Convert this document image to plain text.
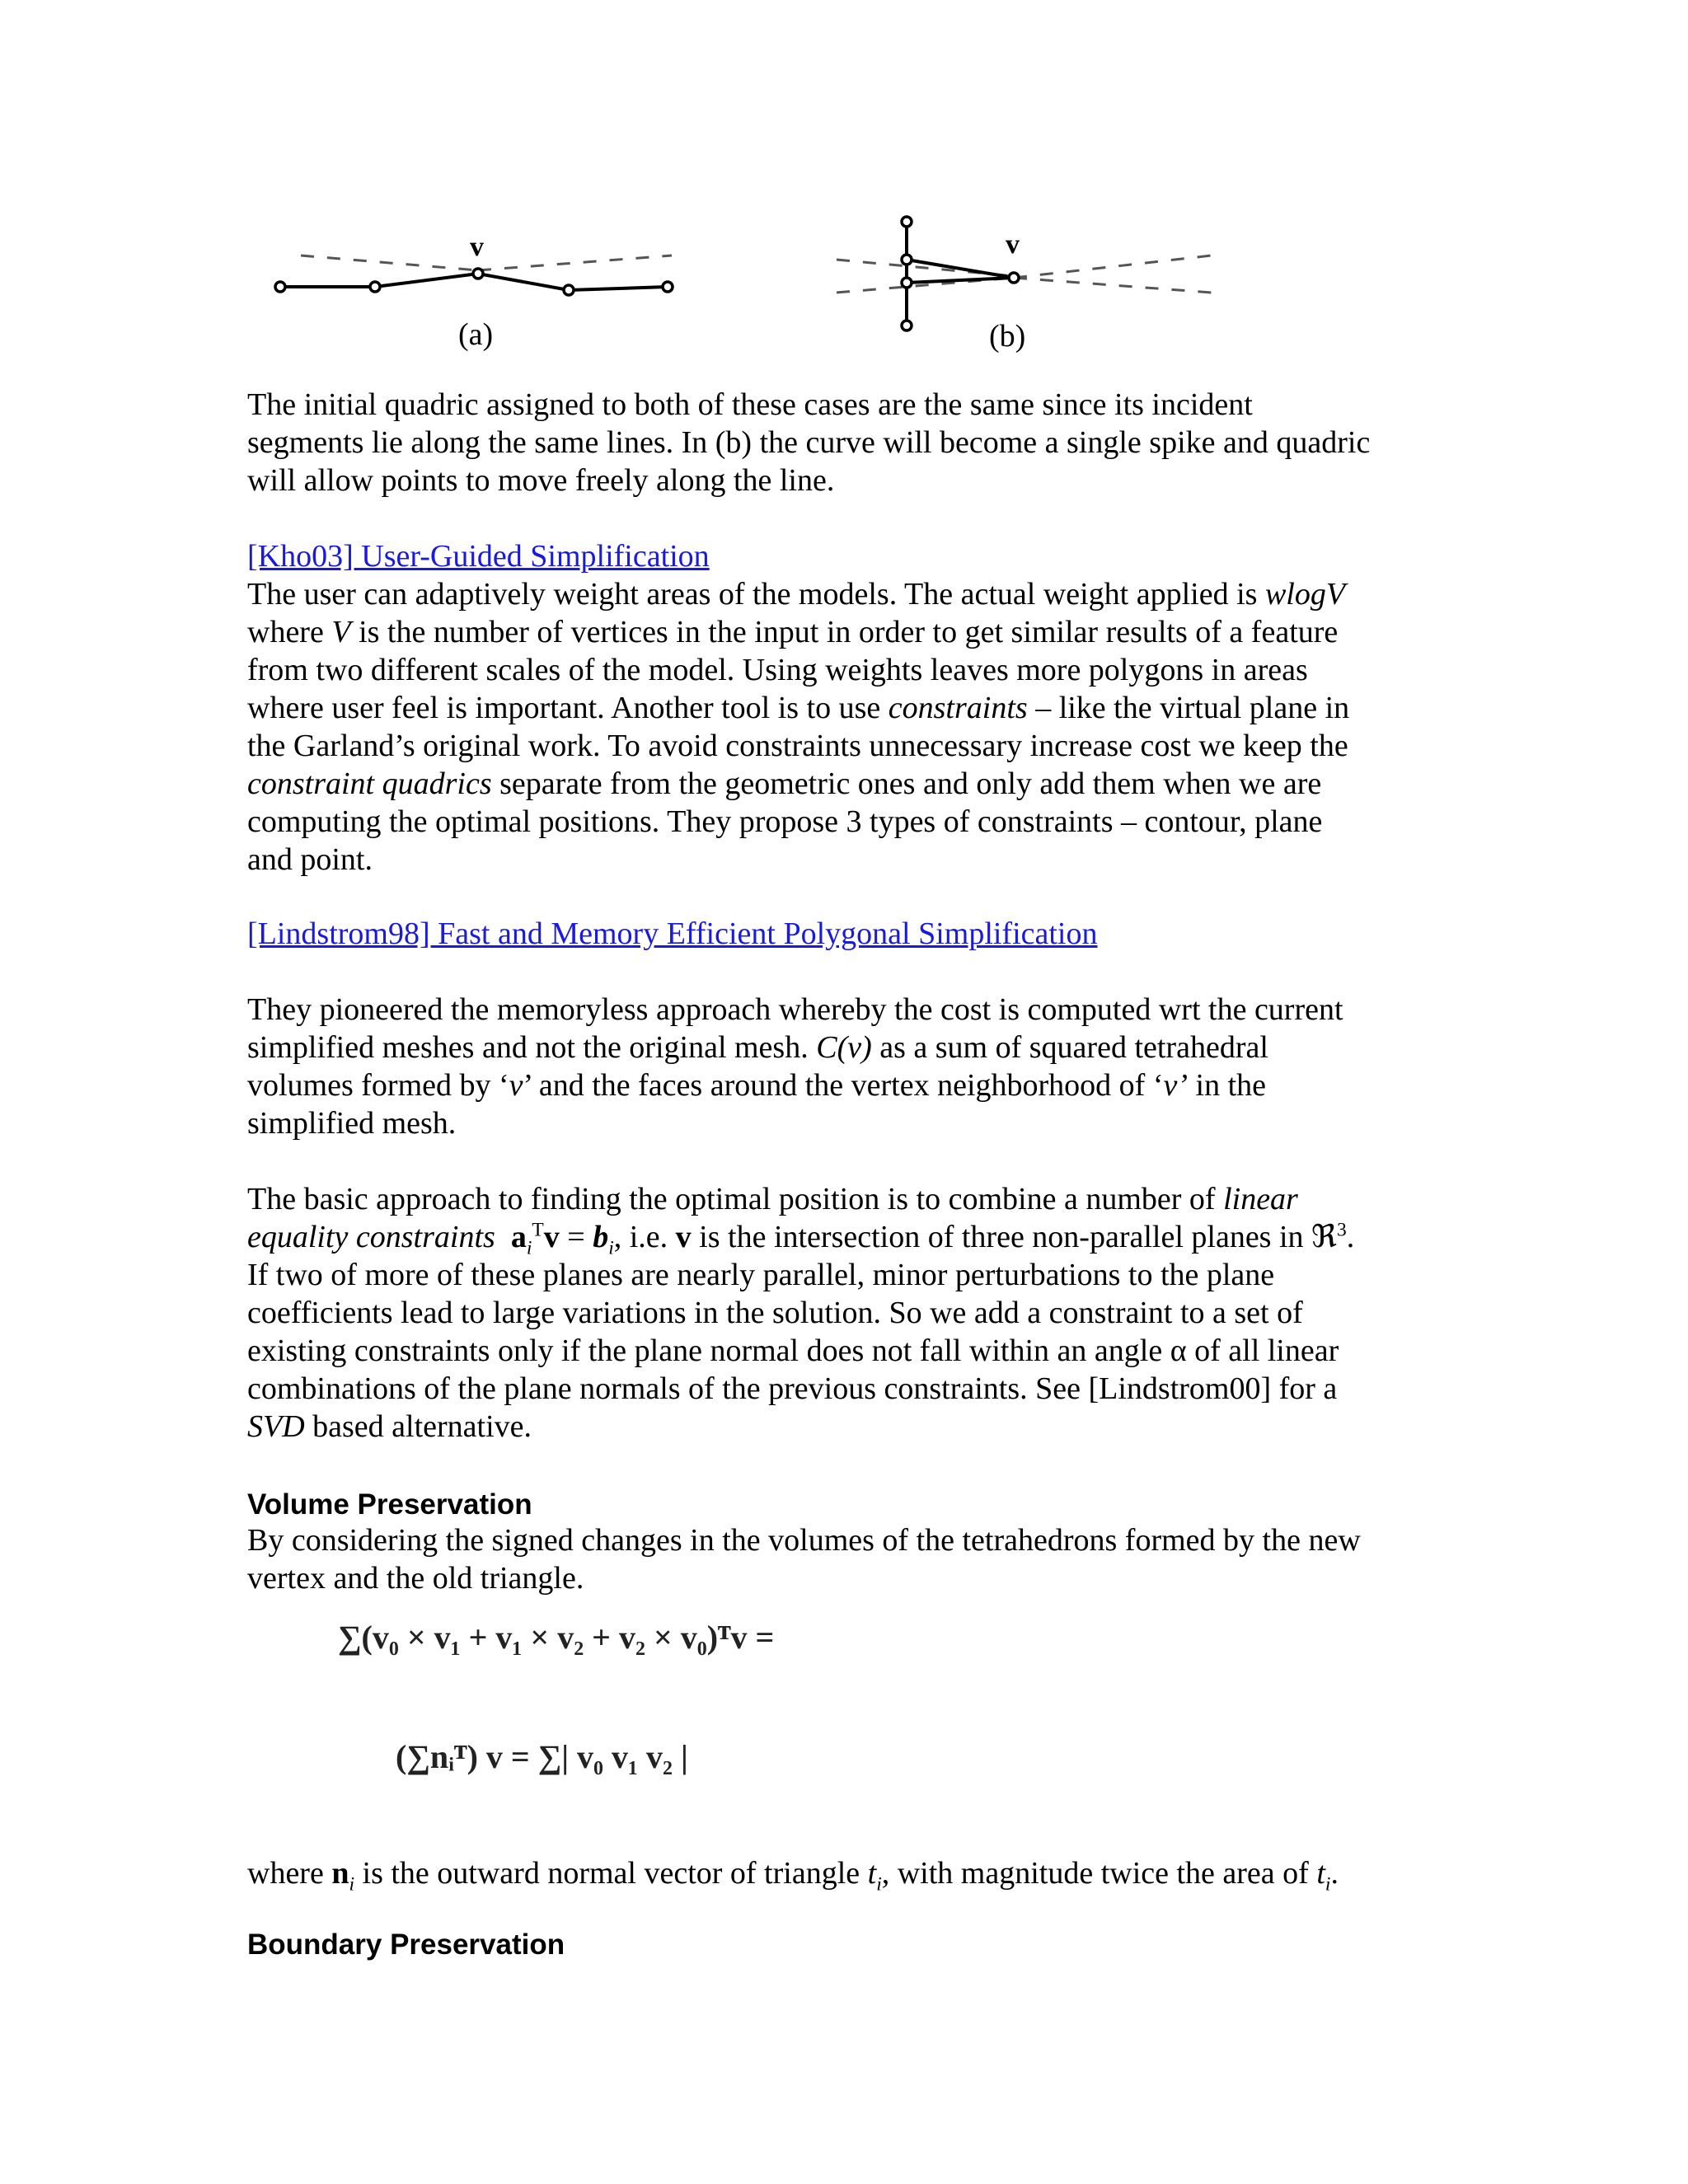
v
(a)
v
(b)
The initial quadric assigned to both of these cases are the same since its incident
segments lie along the same lines. In (b) the curve will become a single spike and quadric
will allow points to move freely along the line.
[Kho03] User-Guided Simplification
The user can adaptively weight areas of the models. The actual weight applied is wlogV
where V is the number of vertices in the input in order to get similar results of a feature
from two different scales of the model. Using weights leaves more polygons in areas
where user feel is important. Another tool is to use constraints – like the virtual plane in
the Garland’s original work. To avoid constraints unnecessary increase cost we keep the
constraint quadrics separate from the geometric ones and only add them when we are
computing the optimal positions. They propose 3 types of constraints – contour, plane
and point.
[Lindstrom98] Fast and Memory Efficient Polygonal Simplification
They pioneered the memoryless approach whereby the cost is computed wrt the current
simplified meshes and not the original mesh. C(v) as a sum of squared tetrahedral
volumes formed by ‘v’ and the faces around the vertex neighborhood of ‘v’ in the
simplified mesh.
The basic approach to finding the optimal position is to combine a number of linear
equality constraints $a_i^Tv = b_i$, i.e. v is the intersection of three non-parallel planes in ℜ$^3$.
If two of more of these planes are nearly parallel, minor perturbations to the plane
coefficients lead to large variations in the solution. So we add a constraint to a set of
existing constraints only if the plane normal does not fall within an angle α of all linear
combinations of the plane normals of the previous constraints. See [Lindstrom00] for a
SVD based alternative.
Volume Preservation
By considering the signed changes in the volumes of the tetrahedrons formed by the new
vertex and the old triangle.
∑(v₀ × v₁ + v₁ × v₂ + v₂ × v₀)ᵀv =
(∑nᵢᵀ) v = ∑| v₀ v₁ v₂ |
where $n_i$ is the outward normal vector of triangle $t_i$, with magnitude twice the area of $t_i$.
Boundary Preservation
